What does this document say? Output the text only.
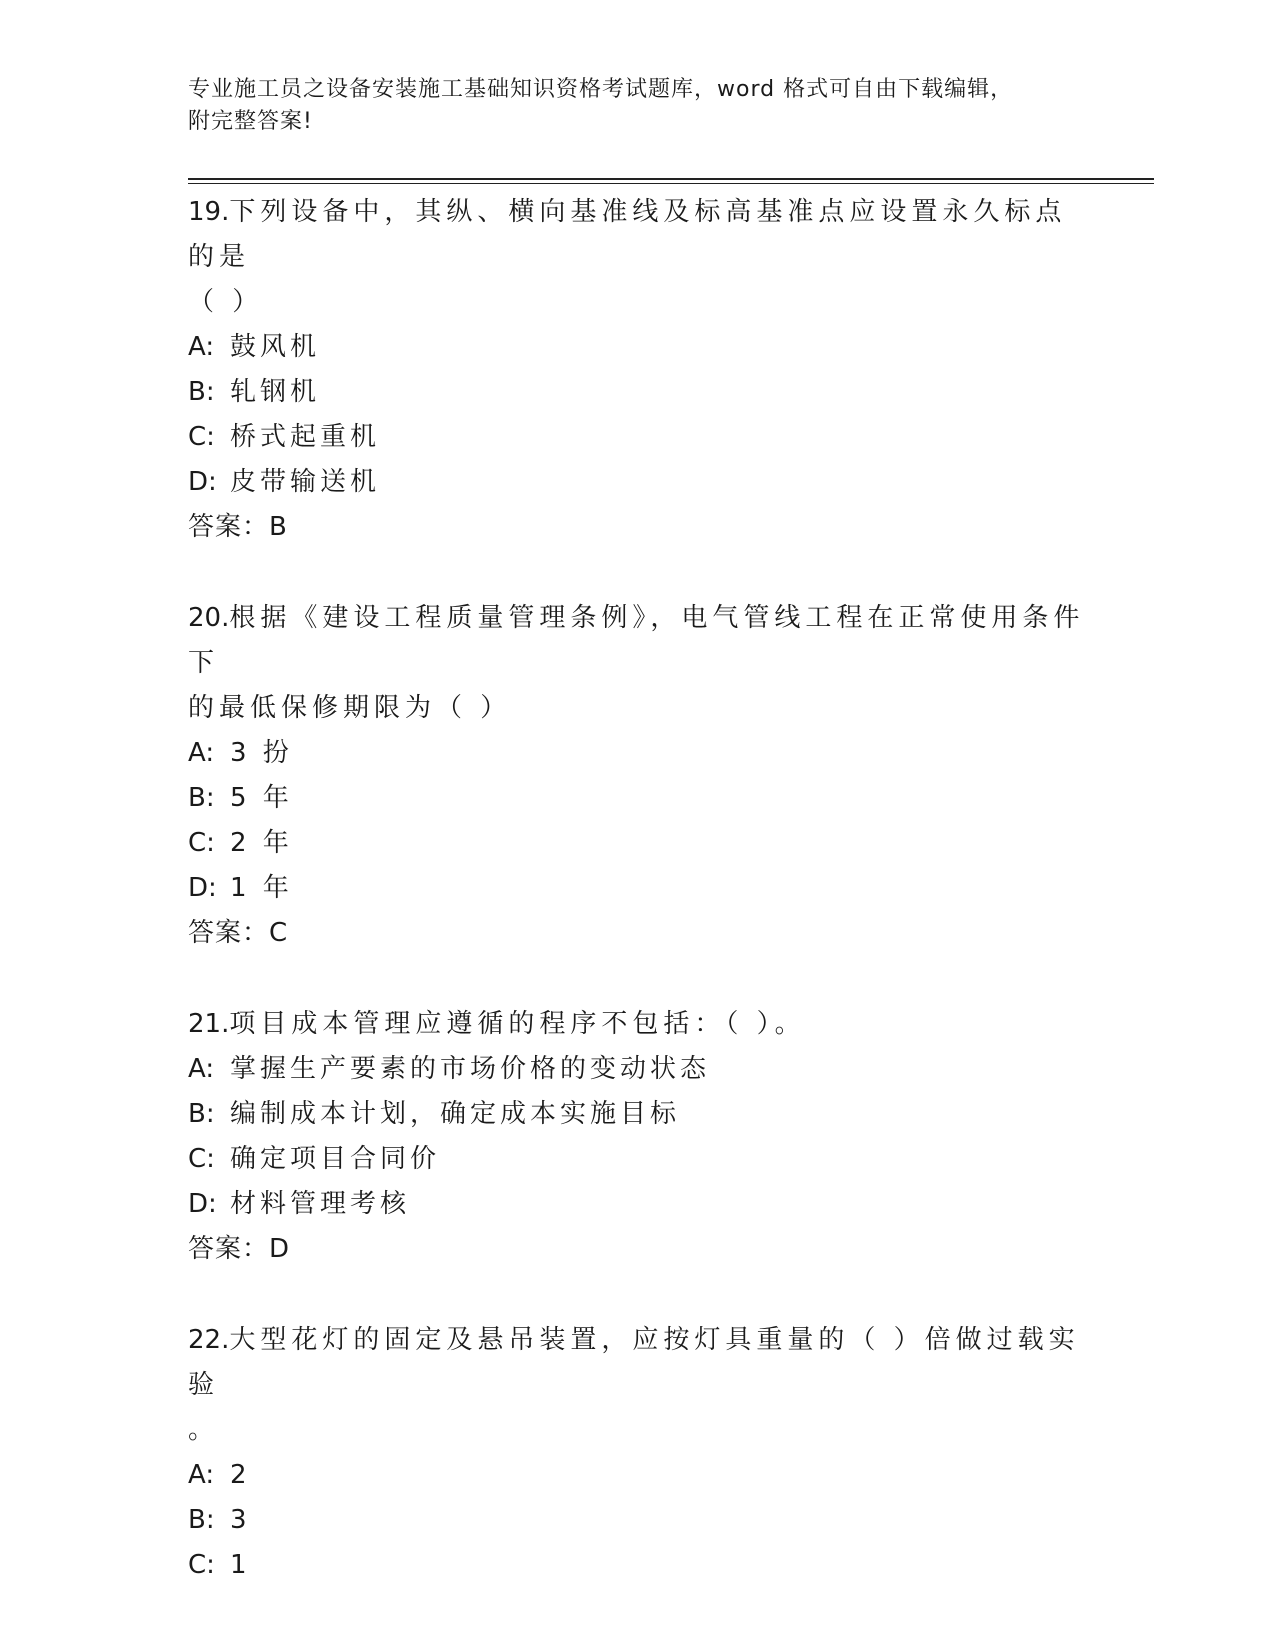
专业施工员之设备安装施工基础知识资格考试题库，word 格式可自由下载编辑，
附完整答案!

19.下列设备中，其纵、横向基准线及标高基准点应设置永久标点的是

（ ）

A: 鼓风机

B: 轧钢机

C: 桥式起重机

D: 皮带输送机

答案：B

20.根据《建设工程质量管理条例》，电气管线工程在正常使用条件下

的最低保修期限为（ ）

A: 3 扮

B: 5 年

C: 2 年

D: 1 年

答案：C

21.项目成本管理应遵循的程序不包括：（ ）。

A: 掌握生产要素的市场价格的变动状态

B: 编制成本计划，确定成本实施目标

C: 确定项目合同价

D: 材料管理考核

答案：D

22.大型花灯的固定及悬吊装置，应按灯具重量的（ ）倍做过载实验

。

A: 2

B: 3

C: 1
